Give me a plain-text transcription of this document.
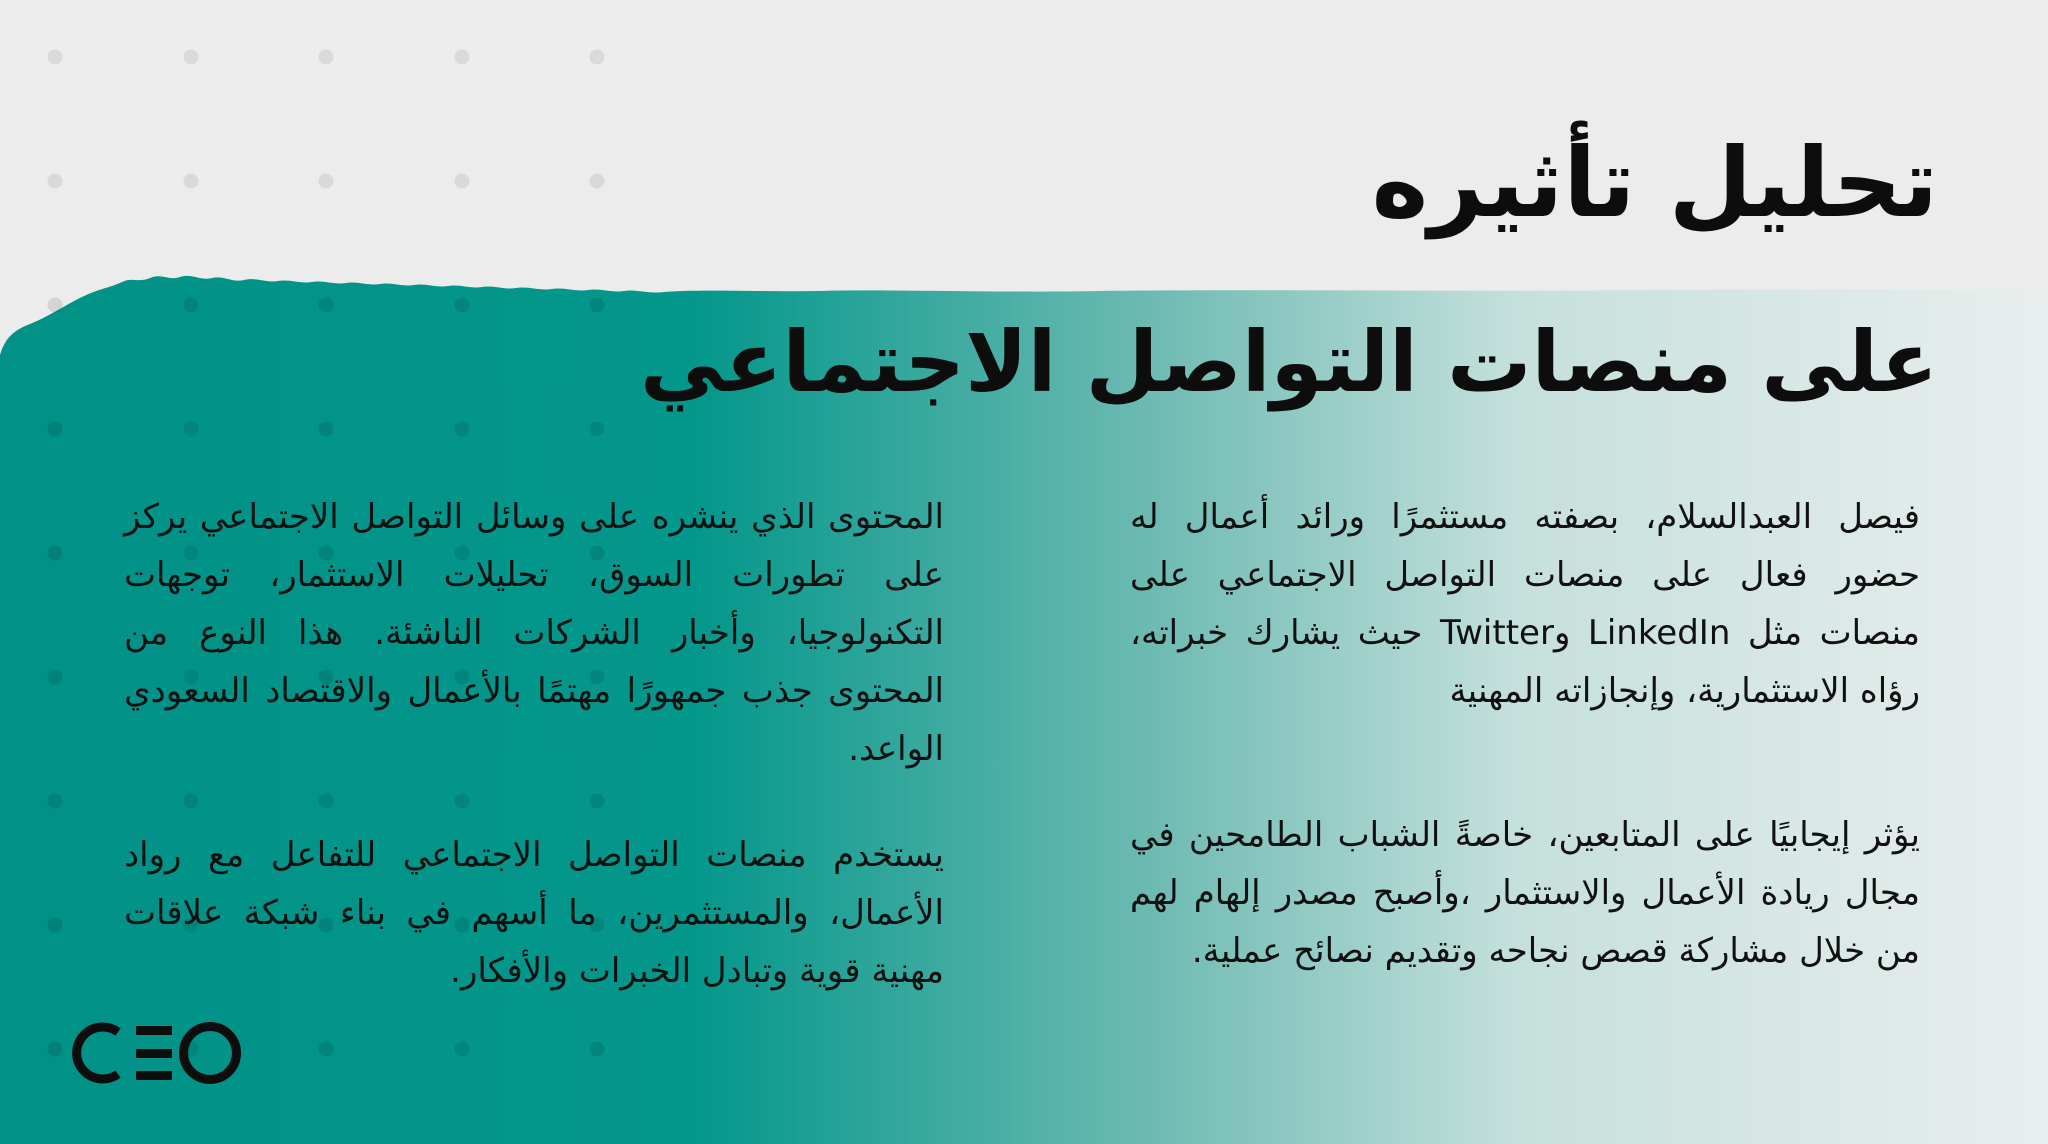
تحليل تأثيره
على منصات التواصل الاجتماعي

فيصل العبدالسلام، بصفته مستثمرًا ورائد أعمال له حضور فعال على منصات التواصل الاجتماعي على منصات مثل LinkedIn وTwitter حيث يشارك خبراته، رؤاه الاستثمارية، وإنجازاته المهنية

يؤثر إيجابيًا على المتابعين، خاصةً الشباب الطامحين في مجال ريادة الأعمال والاستثمار ،وأصبح مصدر إلهام لهم من خلال مشاركة قصص نجاحه وتقديم نصائح عملية.

المحتوى الذي ينشره على وسائل التواصل الاجتماعي يركز على تطورات السوق، تحليلات الاستثمار، توجهات التكنولوجيا، وأخبار الشركات الناشئة. هذا النوع من المحتوى جذب جمهورًا مهتمًا بالأعمال والاقتصاد السعودي الواعد.

يستخدم منصات التواصل الاجتماعي للتفاعل مع رواد الأعمال، والمستثمرين، ما أسهم في بناء شبكة علاقات مهنية قوية وتبادل الخبرات والأفكار.
